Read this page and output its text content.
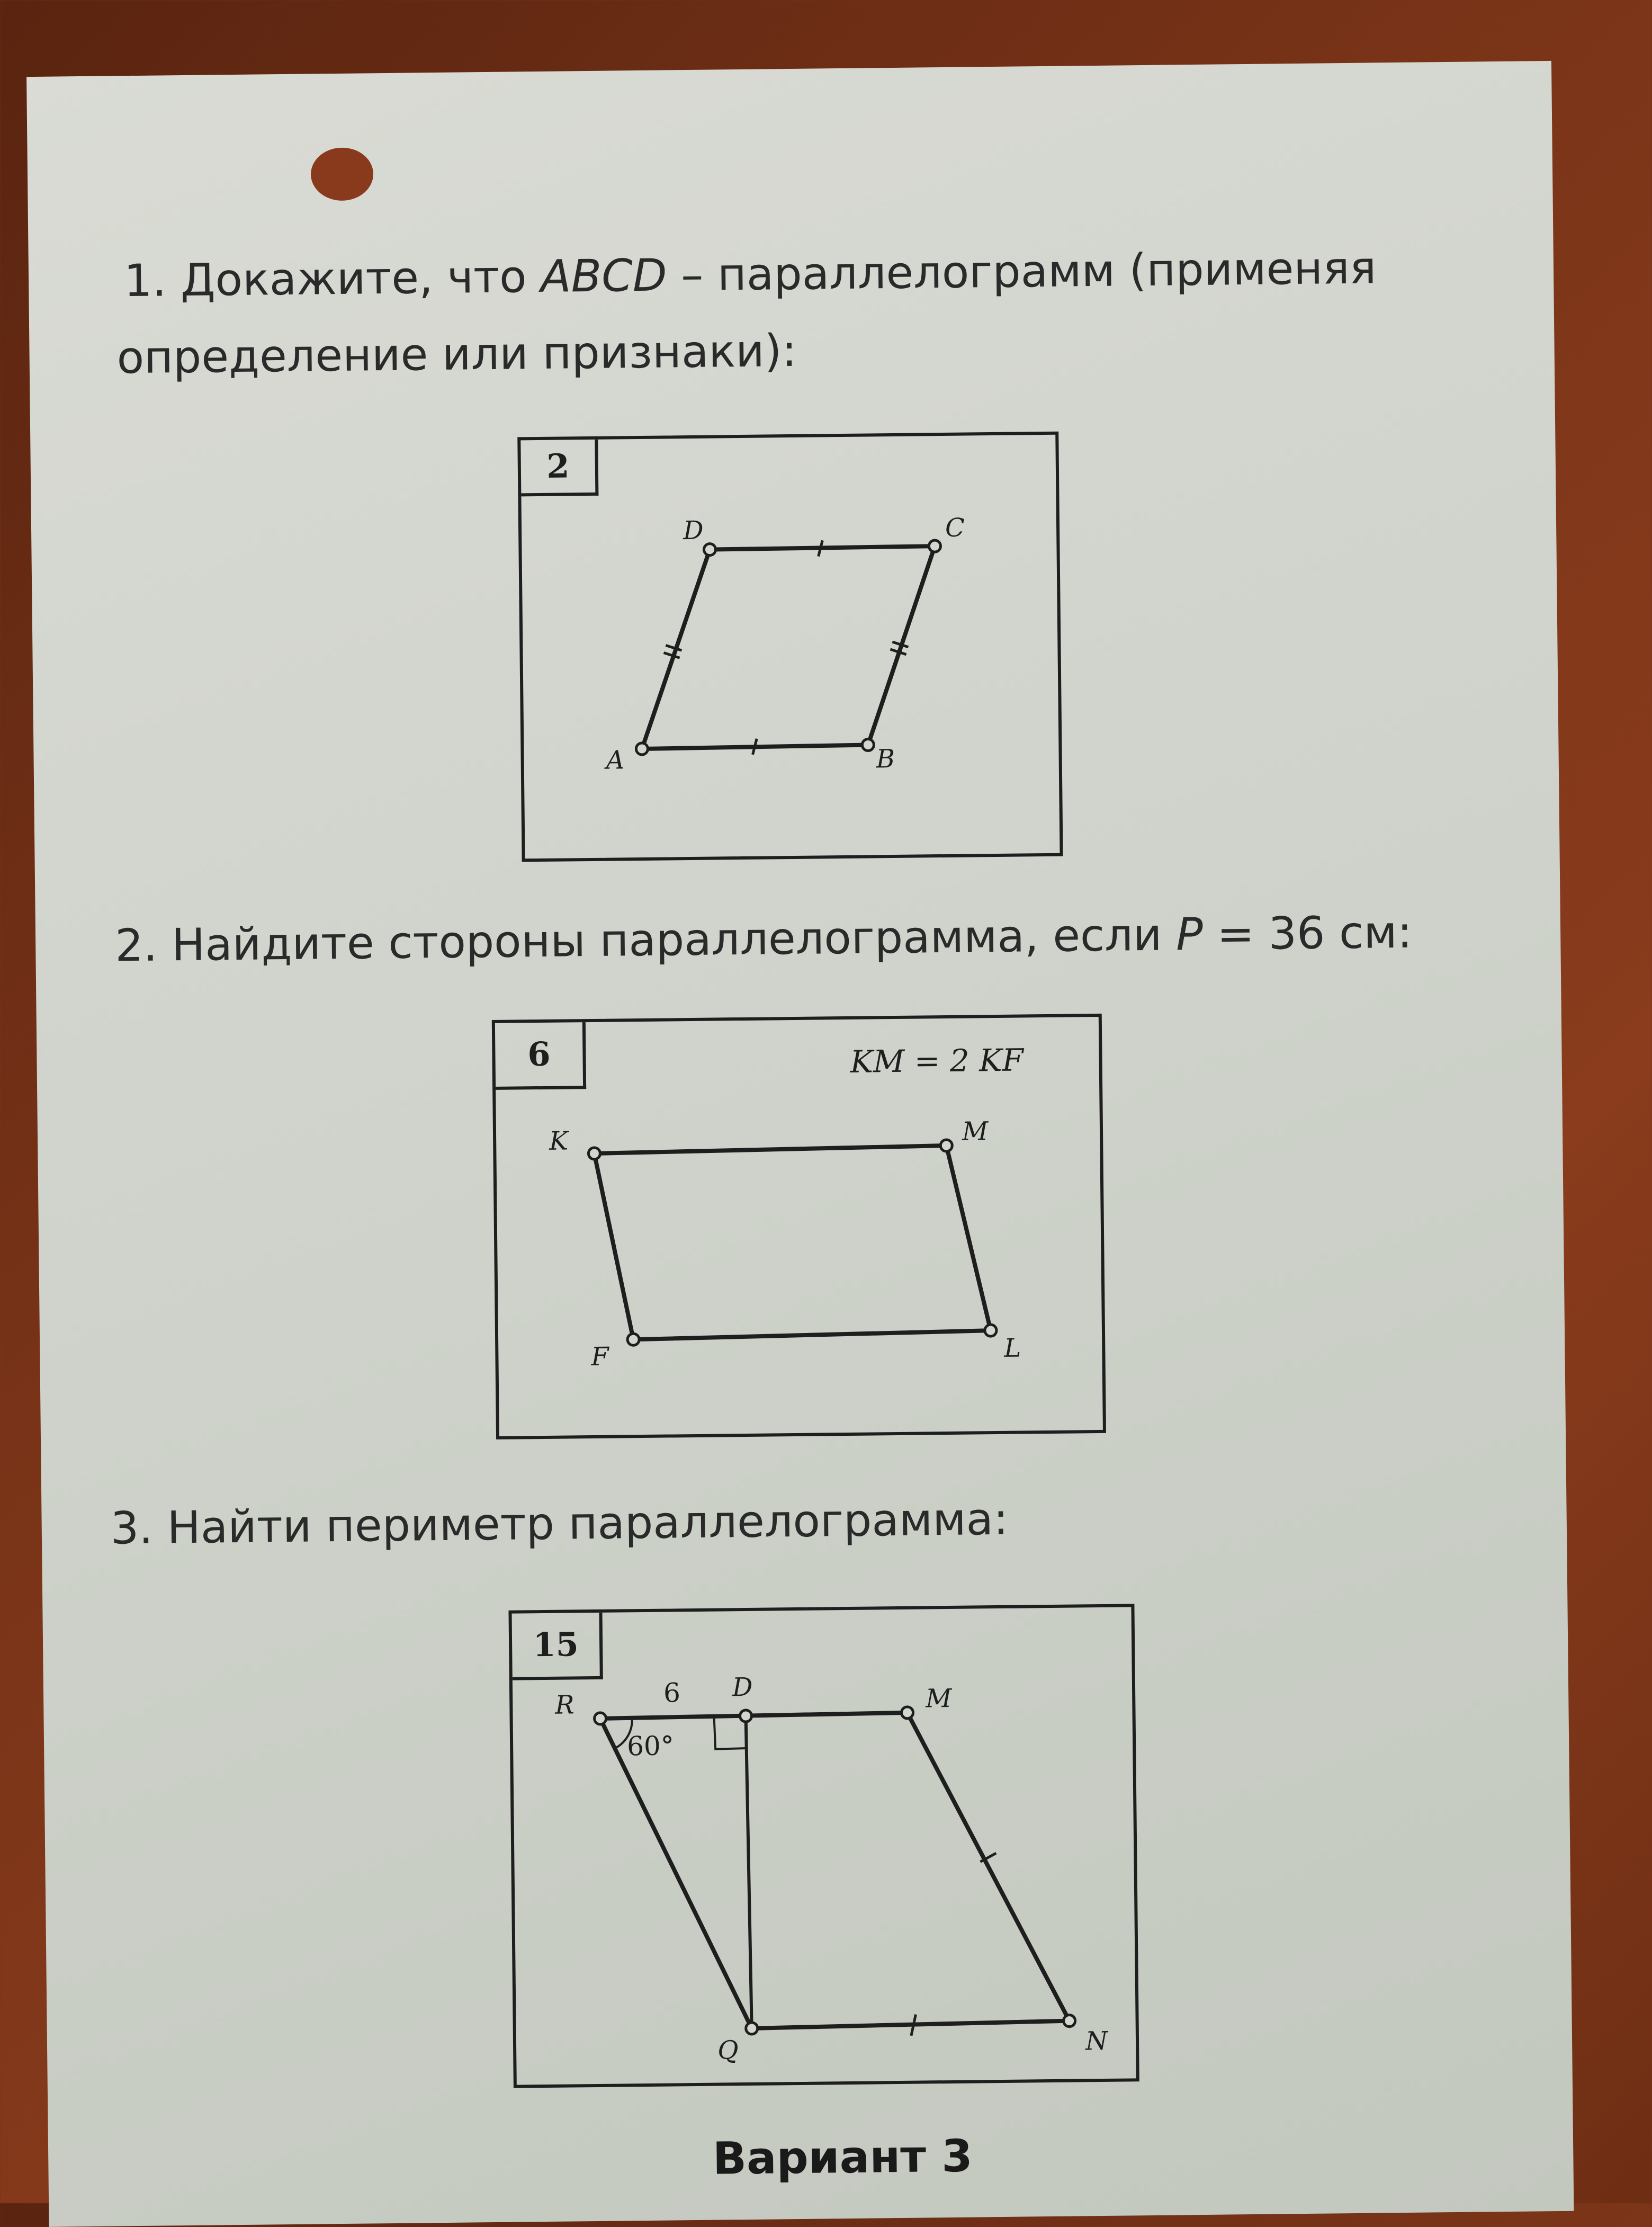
1. Докажите, что ABCD – параллелограмм (применяя
определение или признаки):
2
A	B
C
D
2. Найдите стороны параллелограмма, если P = 36 см:
6	KM = 2 KF
K	M
L
F
3. Найти периметр параллелограмма:
15
R
D	M
N
Q
6
60°
Вариант 3
